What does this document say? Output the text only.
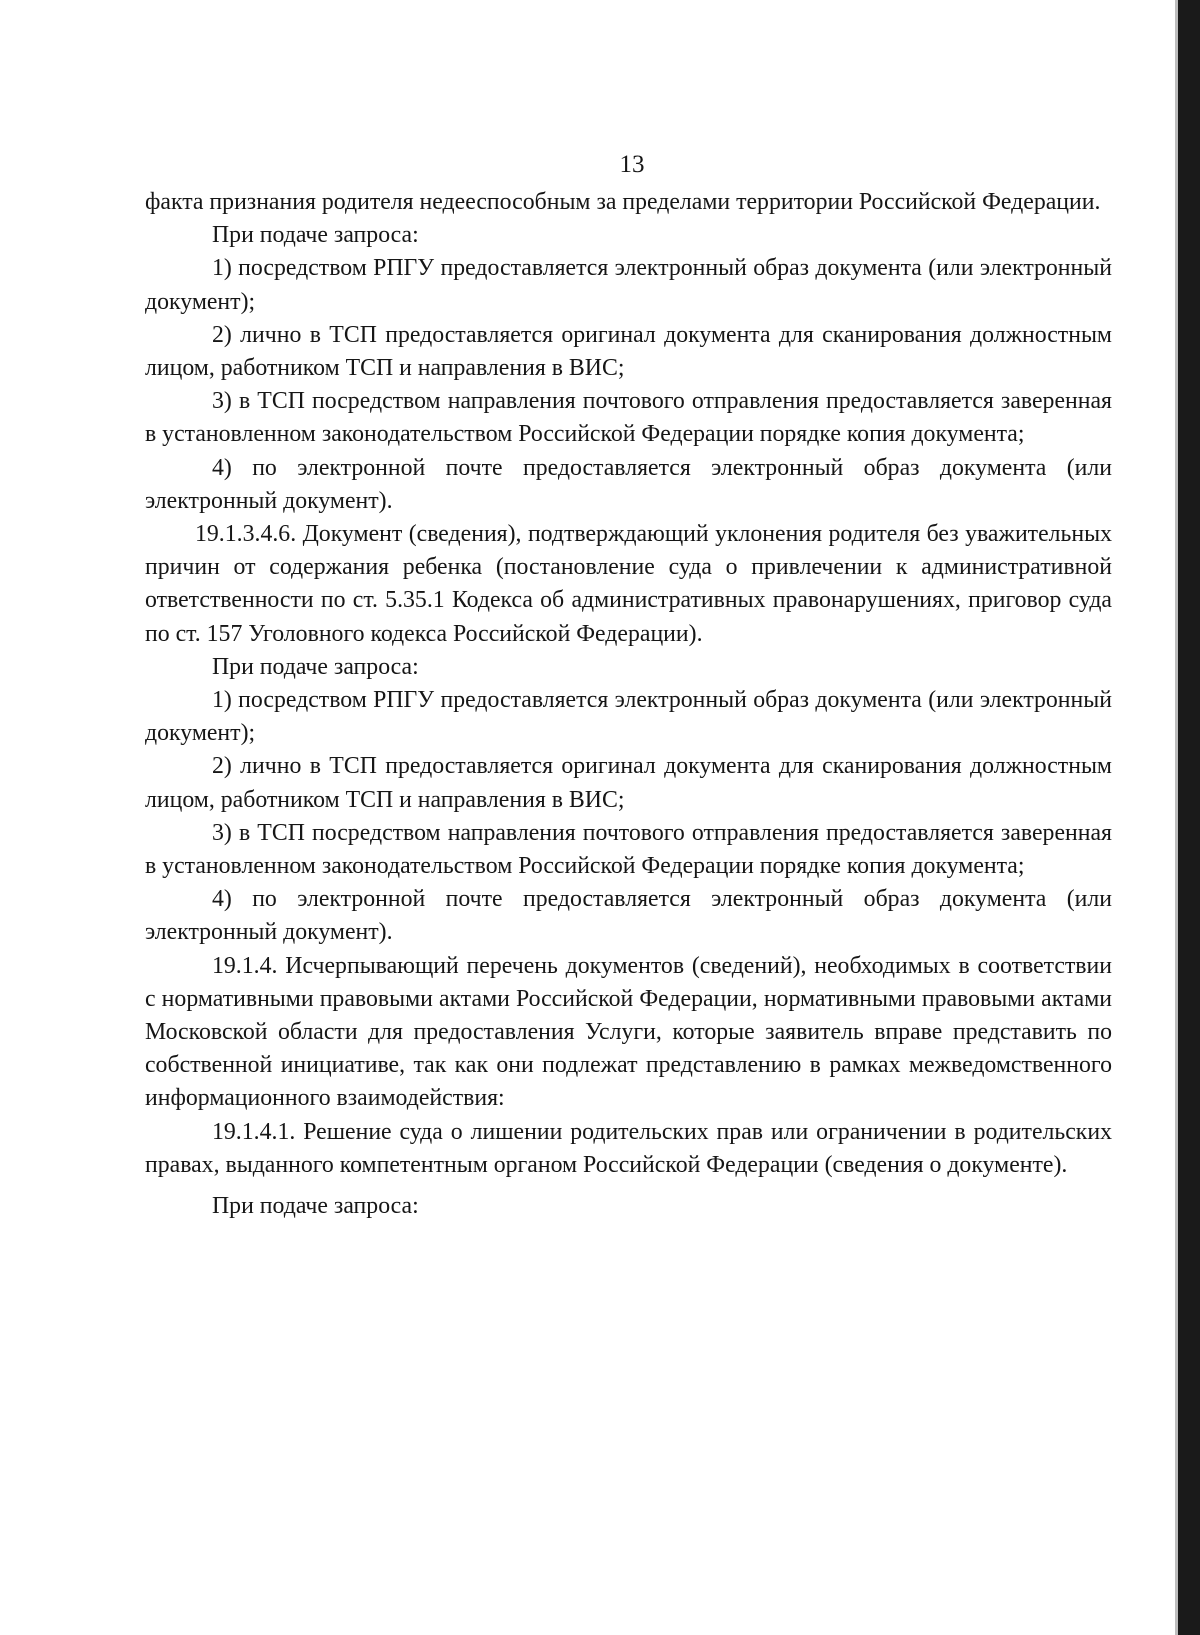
13

факта признания родителя недееспособным за пределами территории Российской Федерации.

При подаче запроса:

1) посредством РПГУ предоставляется электронный образ документа (или электронный документ);

2) лично в ТСП предоставляется оригинал документа для сканирования должностным лицом, работником ТСП и направления в ВИС;

3) в ТСП посредством направления почтового отправления предоставляется заверенная в установленном законодательством Российской Федерации порядке копия документа;

4) по электронной почте предоставляется электронный образ документа (или электронный документ).

19.1.3.4.6. Документ (сведения), подтверждающий уклонения родителя без уважительных причин от содержания ребенка (постановление суда о привлечении к административной ответственности по ст. 5.35.1 Кодекса об административных правонарушениях, приговор суда по ст. 157 Уголовного кодекса Российской Федерации).

При подаче запроса:

1) посредством РПГУ предоставляется электронный образ документа (или электронный документ);

2) лично в ТСП предоставляется оригинал документа для сканирования должностным лицом, работником ТСП и направления в ВИС;

3) в ТСП посредством направления почтового отправления предоставляется заверенная в установленном законодательством Российской Федерации порядке копия документа;

4) по электронной почте предоставляется электронный образ документа (или электронный документ).

19.1.4. Исчерпывающий перечень документов (сведений), необходимых в соответствии с нормативными правовыми актами Российской Федерации, нормативными правовыми актами Московской области для предоставления Услуги, которые заявитель вправе представить по собственной инициативе, так как они подлежат представлению в рамках межведомственного информационного взаимодействия:

19.1.4.1. Решение суда о лишении родительских прав или ограничении в родительских правах, выданного компетентным органом Российской Федерации (сведения о документе).

При подаче запроса:
